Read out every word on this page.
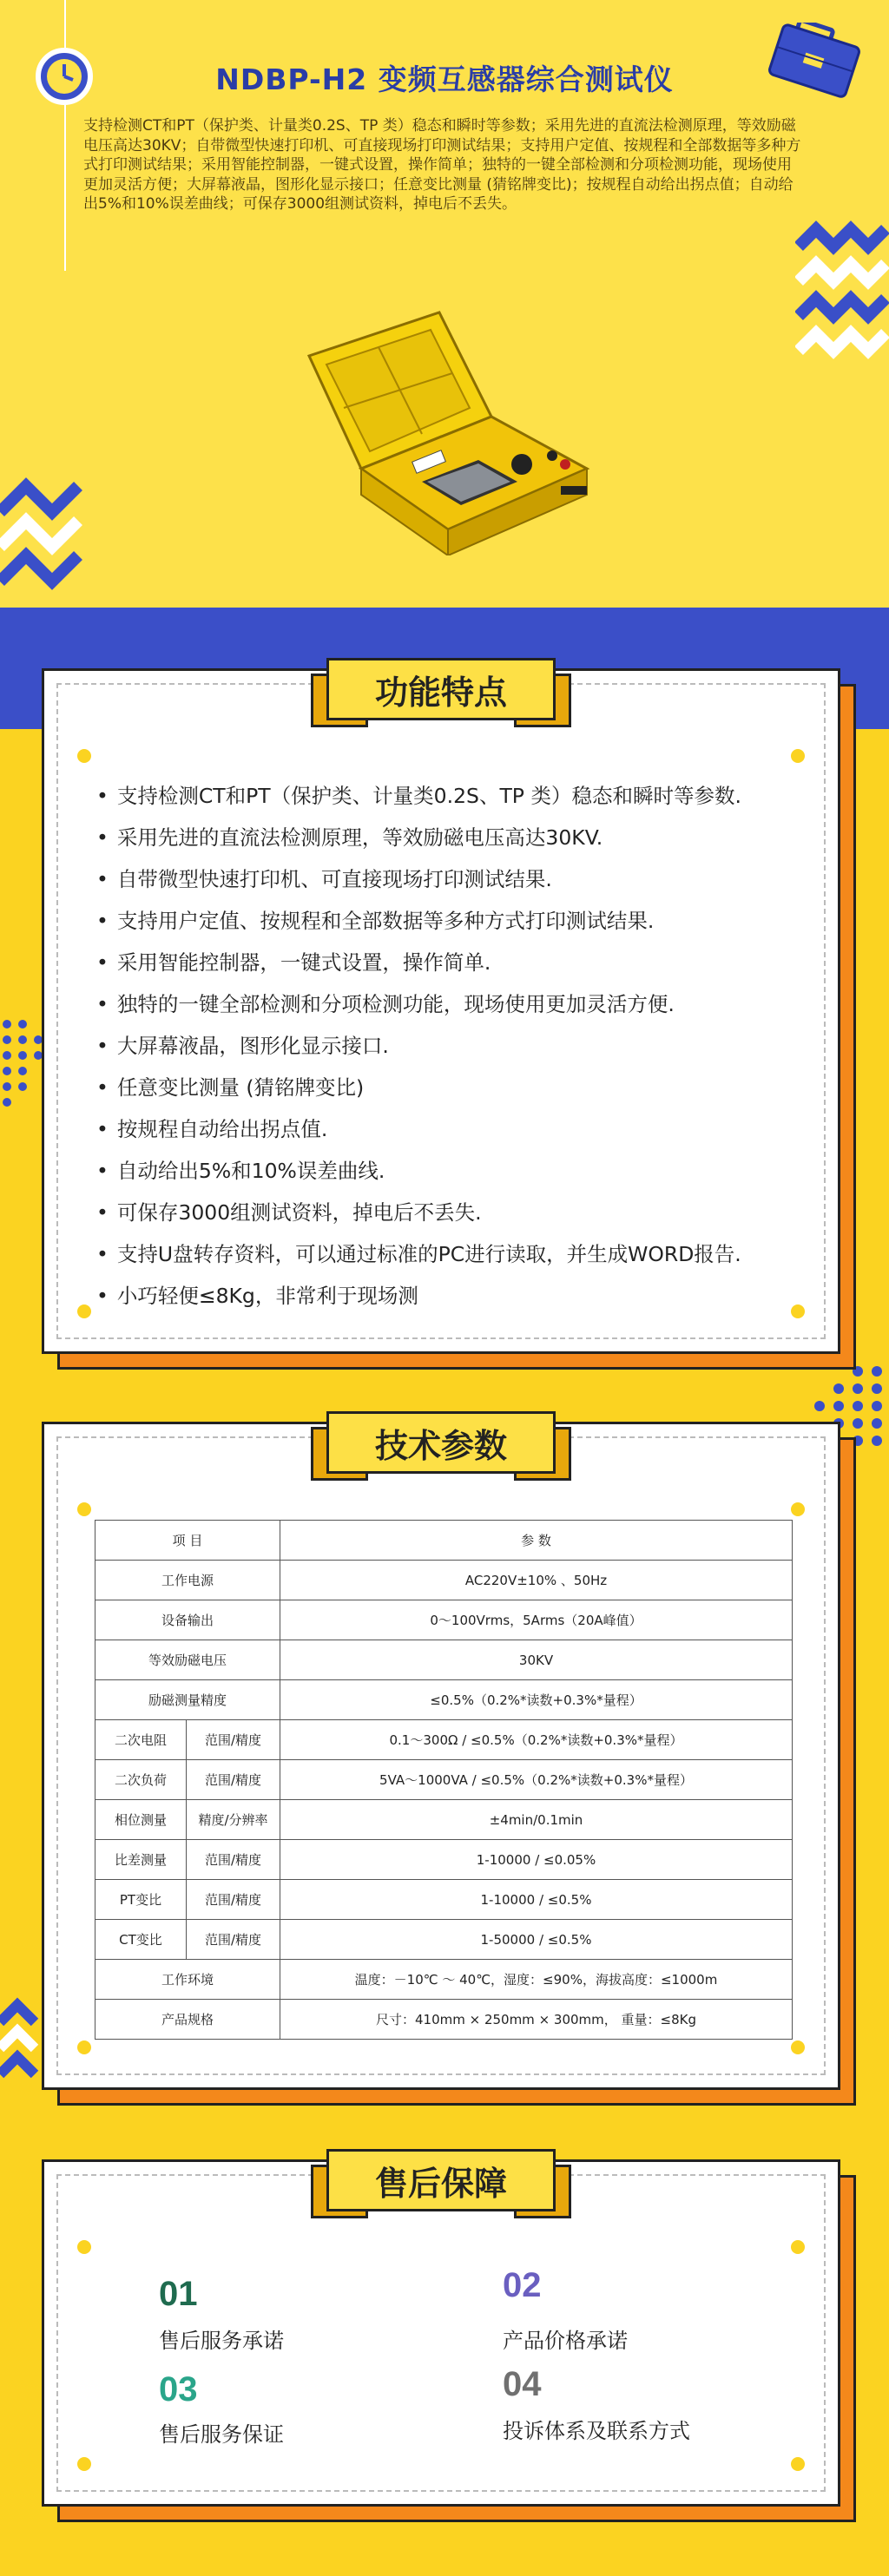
NDBP-H2 变频互感器综合测试仪
支持检测CT和PT（保护类、计量类0.2S、TP 类）稳态和瞬时等参数；采用先进的直流法检测原理，等效励磁电压高达30KV；自带微型快速打印机、可直接现场打印测试结果；支持用户定值、按规程和全部数据等多种方式打印测试结果；采用智能控制器，一键式设置，操作简单；独特的一键全部检测和分项检测功能，现场使用更加灵活方便；大屏幕液晶，图形化显示接口；任意变比测量 (猜铭牌变比)；按规程自动给出拐点值；自动给出5%和10%误差曲线；可保存3000组测试资料，掉电后不丢失。
• 支持检测CT和PT（保护类、计量类0.2S、TP 类）稳态和瞬时等参数.
• 采用先进的直流法检测原理，等效励磁电压高达30KV.
• 自带微型快速打印机、可直接现场打印测试结果.
• 支持用户定值、按规程和全部数据等多种方式打印测试结果.
• 采用智能控制器，一键式设置，操作简单.
• 独特的一键全部检测和分项检测功能，现场使用更加灵活方便.
• 大屏幕液晶，图形化显示接口.
• 任意变比测量 (猜铭牌变比)
• 按规程自动给出拐点值.
• 自动给出5%和10%误差曲线.
• 可保存3000组测试资料，掉电后不丢失.
• 支持U盘转存资料，可以通过标准的PC进行读取，并生成WORD报告.
• 小巧轻便≤8Kg，非常利于现场测
功能特点
项 目		参 数
工作电源		AC220V±10% 、50Hz
设备输出		0～100Vrms，5Arms（20A峰值）
等效励磁电压		30KV
励磁测量精度		≤0.5%（0.2%*读数+0.3%*量程）
二次电阻	范围/精度	0.1～300Ω / ≤0.5%（0.2%*读数+0.3%*量程）
二次负荷	范围/精度	5VA～1000VA / ≤0.5%（0.2%*读数+0.3%*量程）
相位测量	精度/分辨率	±4min/0.1min
比差测量	范围/精度	1-10000 / ≤0.05%
PT变比	范围/精度	1-10000 / ≤0.5%
CT变比	范围/精度	1-50000 / ≤0.5%
工作环境		温度：－10℃ ～ 40℃，湿度：≤90%，海拔高度：≤1000m
产品规格		尺寸：410mm × 250mm × 300mm， 重量：≤8Kg
技术参数
01
售后服务承诺
02
产品价格承诺
03
售后服务保证
04
投诉体系及联系方式
售后保障
